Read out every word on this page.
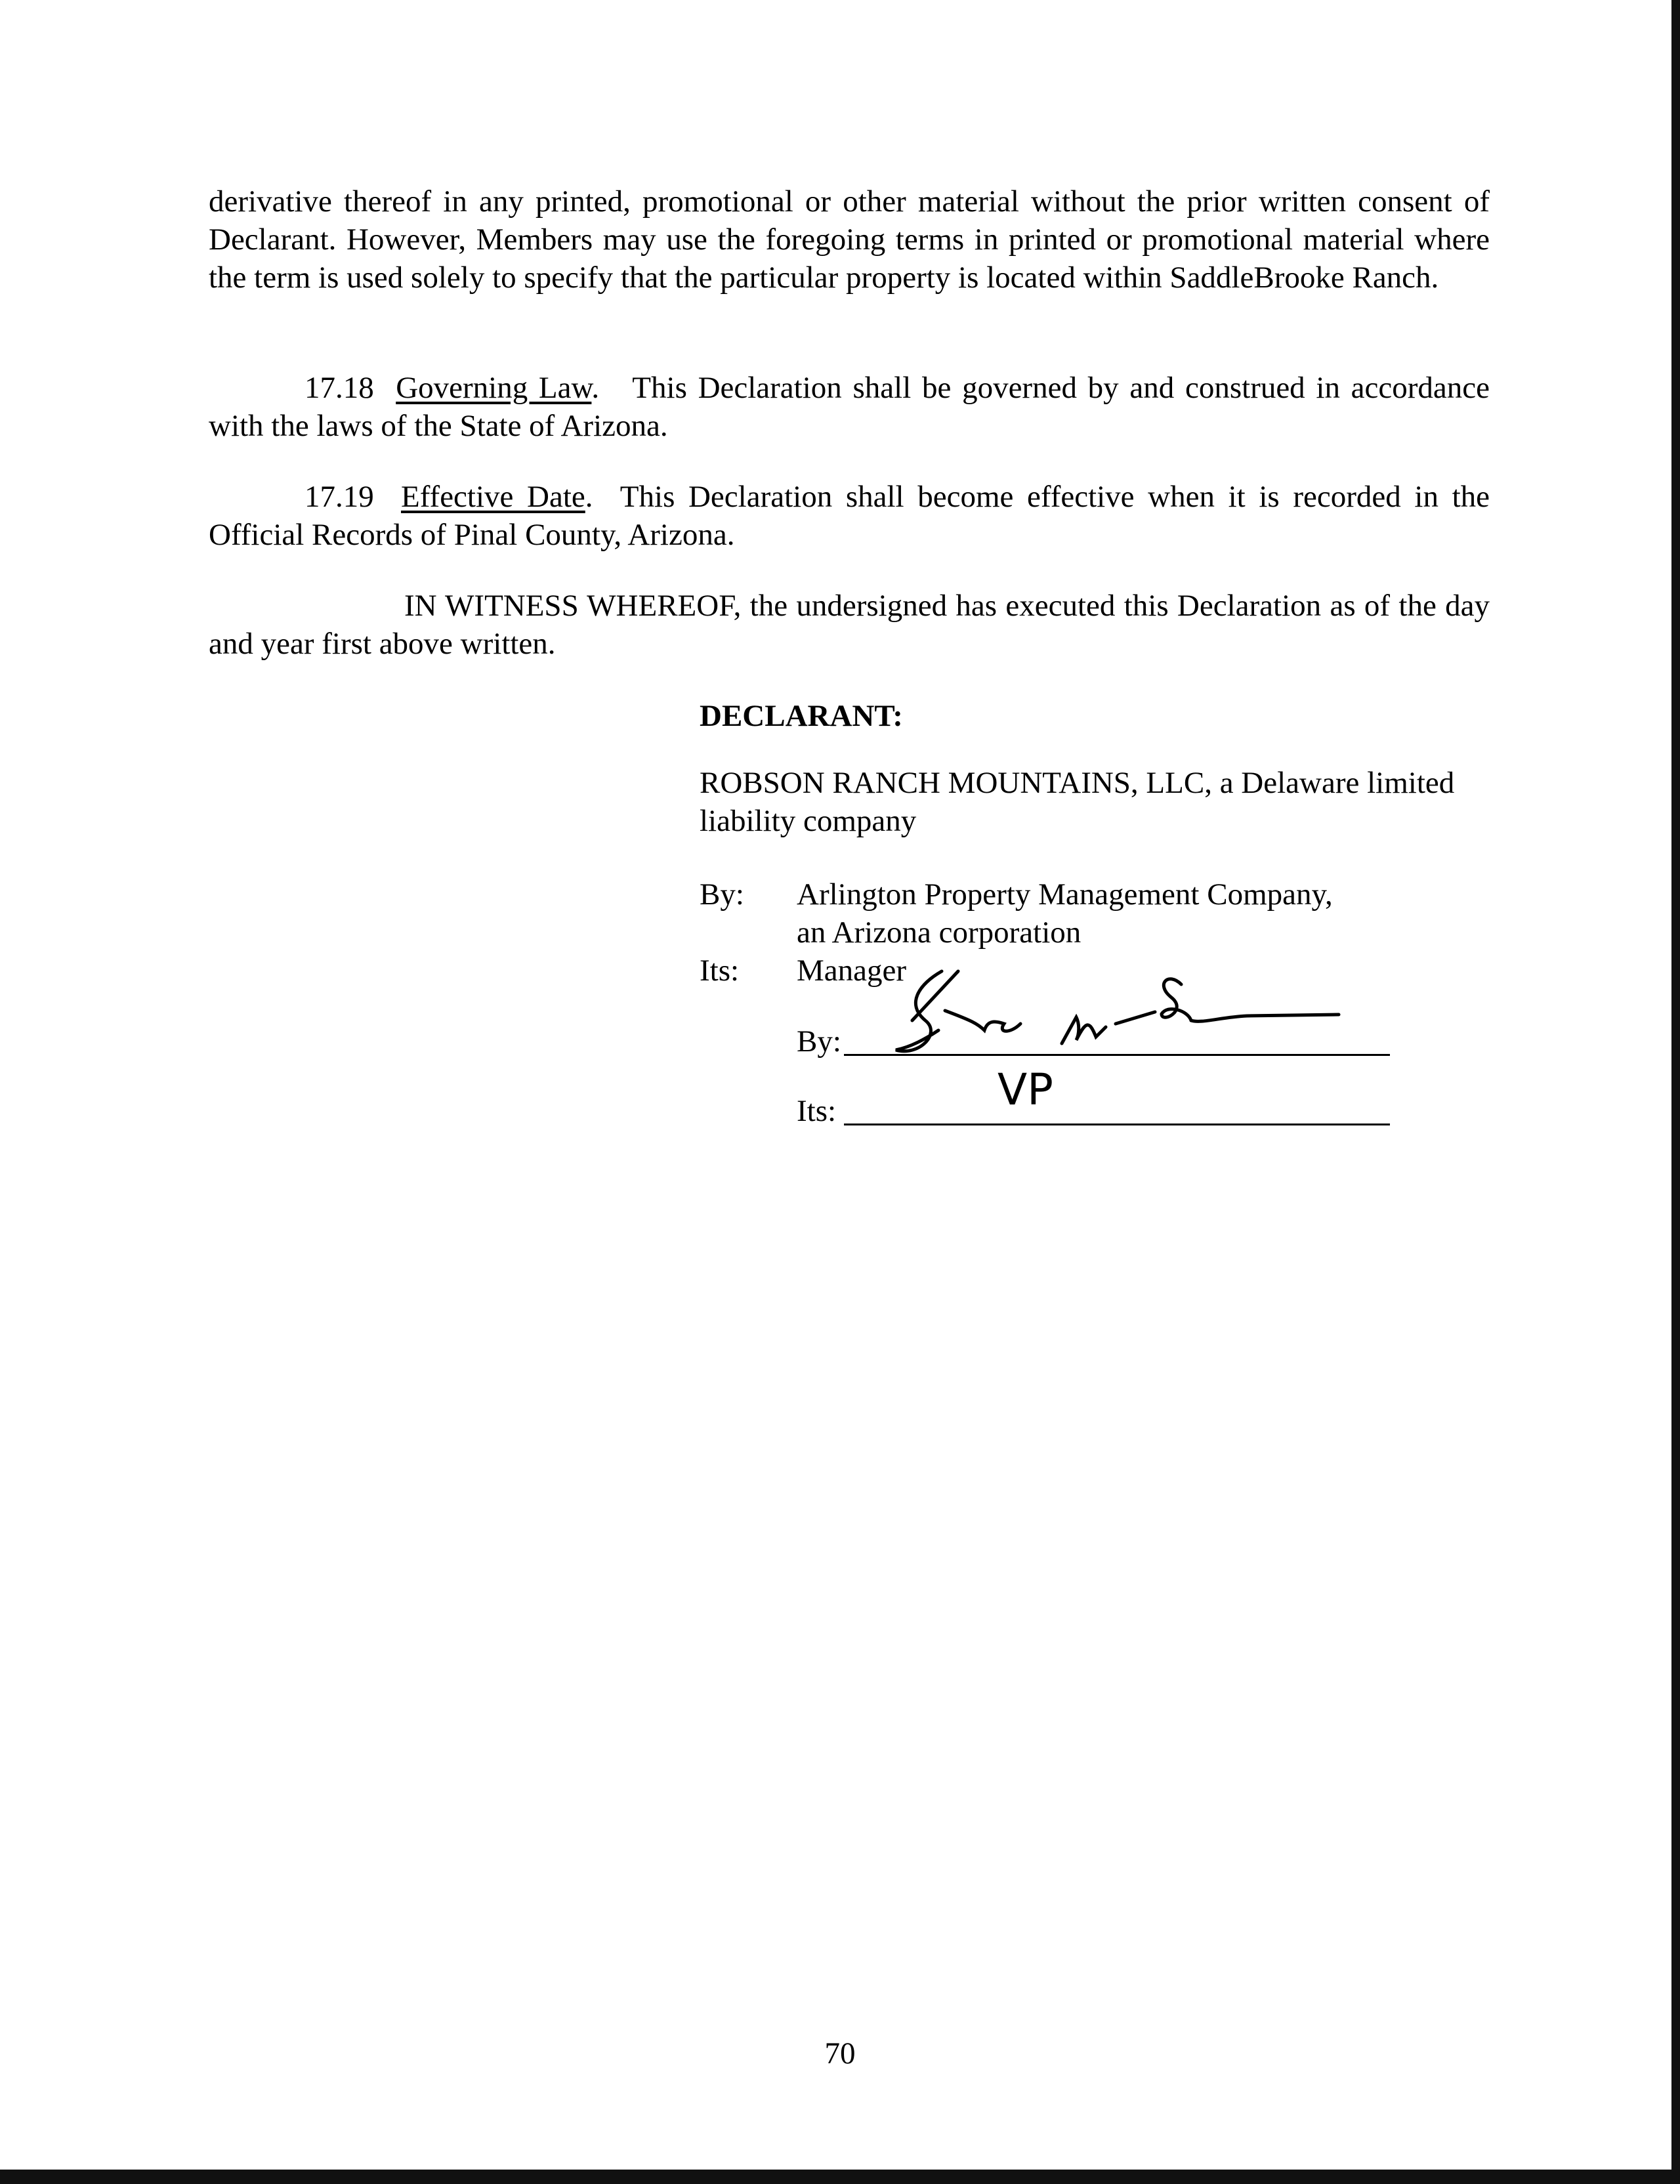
derivative thereof in any printed, promotional or other material without the prior written consent of Declarant. However, Members may use the foregoing terms in printed or promotional material where the term is used solely to specify that the particular property is located within SaddleBrooke Ranch.

17.18 Governing Law.   This Declaration shall be governed by and construed in accordance with the laws of the State of Arizona.

17.19 Effective Date.  This Declaration shall become effective when it is recorded in the Official Records of Pinal County, Arizona.

IN WITNESS WHEREOF, the undersigned has executed this Declaration as of the day and year first above written.

DECLARANT:
ROBSON RANCH MOUNTAINS, LLC, a Delaware limited liability company
By: Arlington Property Management Company,
an Arizona corporation
Its: Manager
By:
Its:	VP
70
